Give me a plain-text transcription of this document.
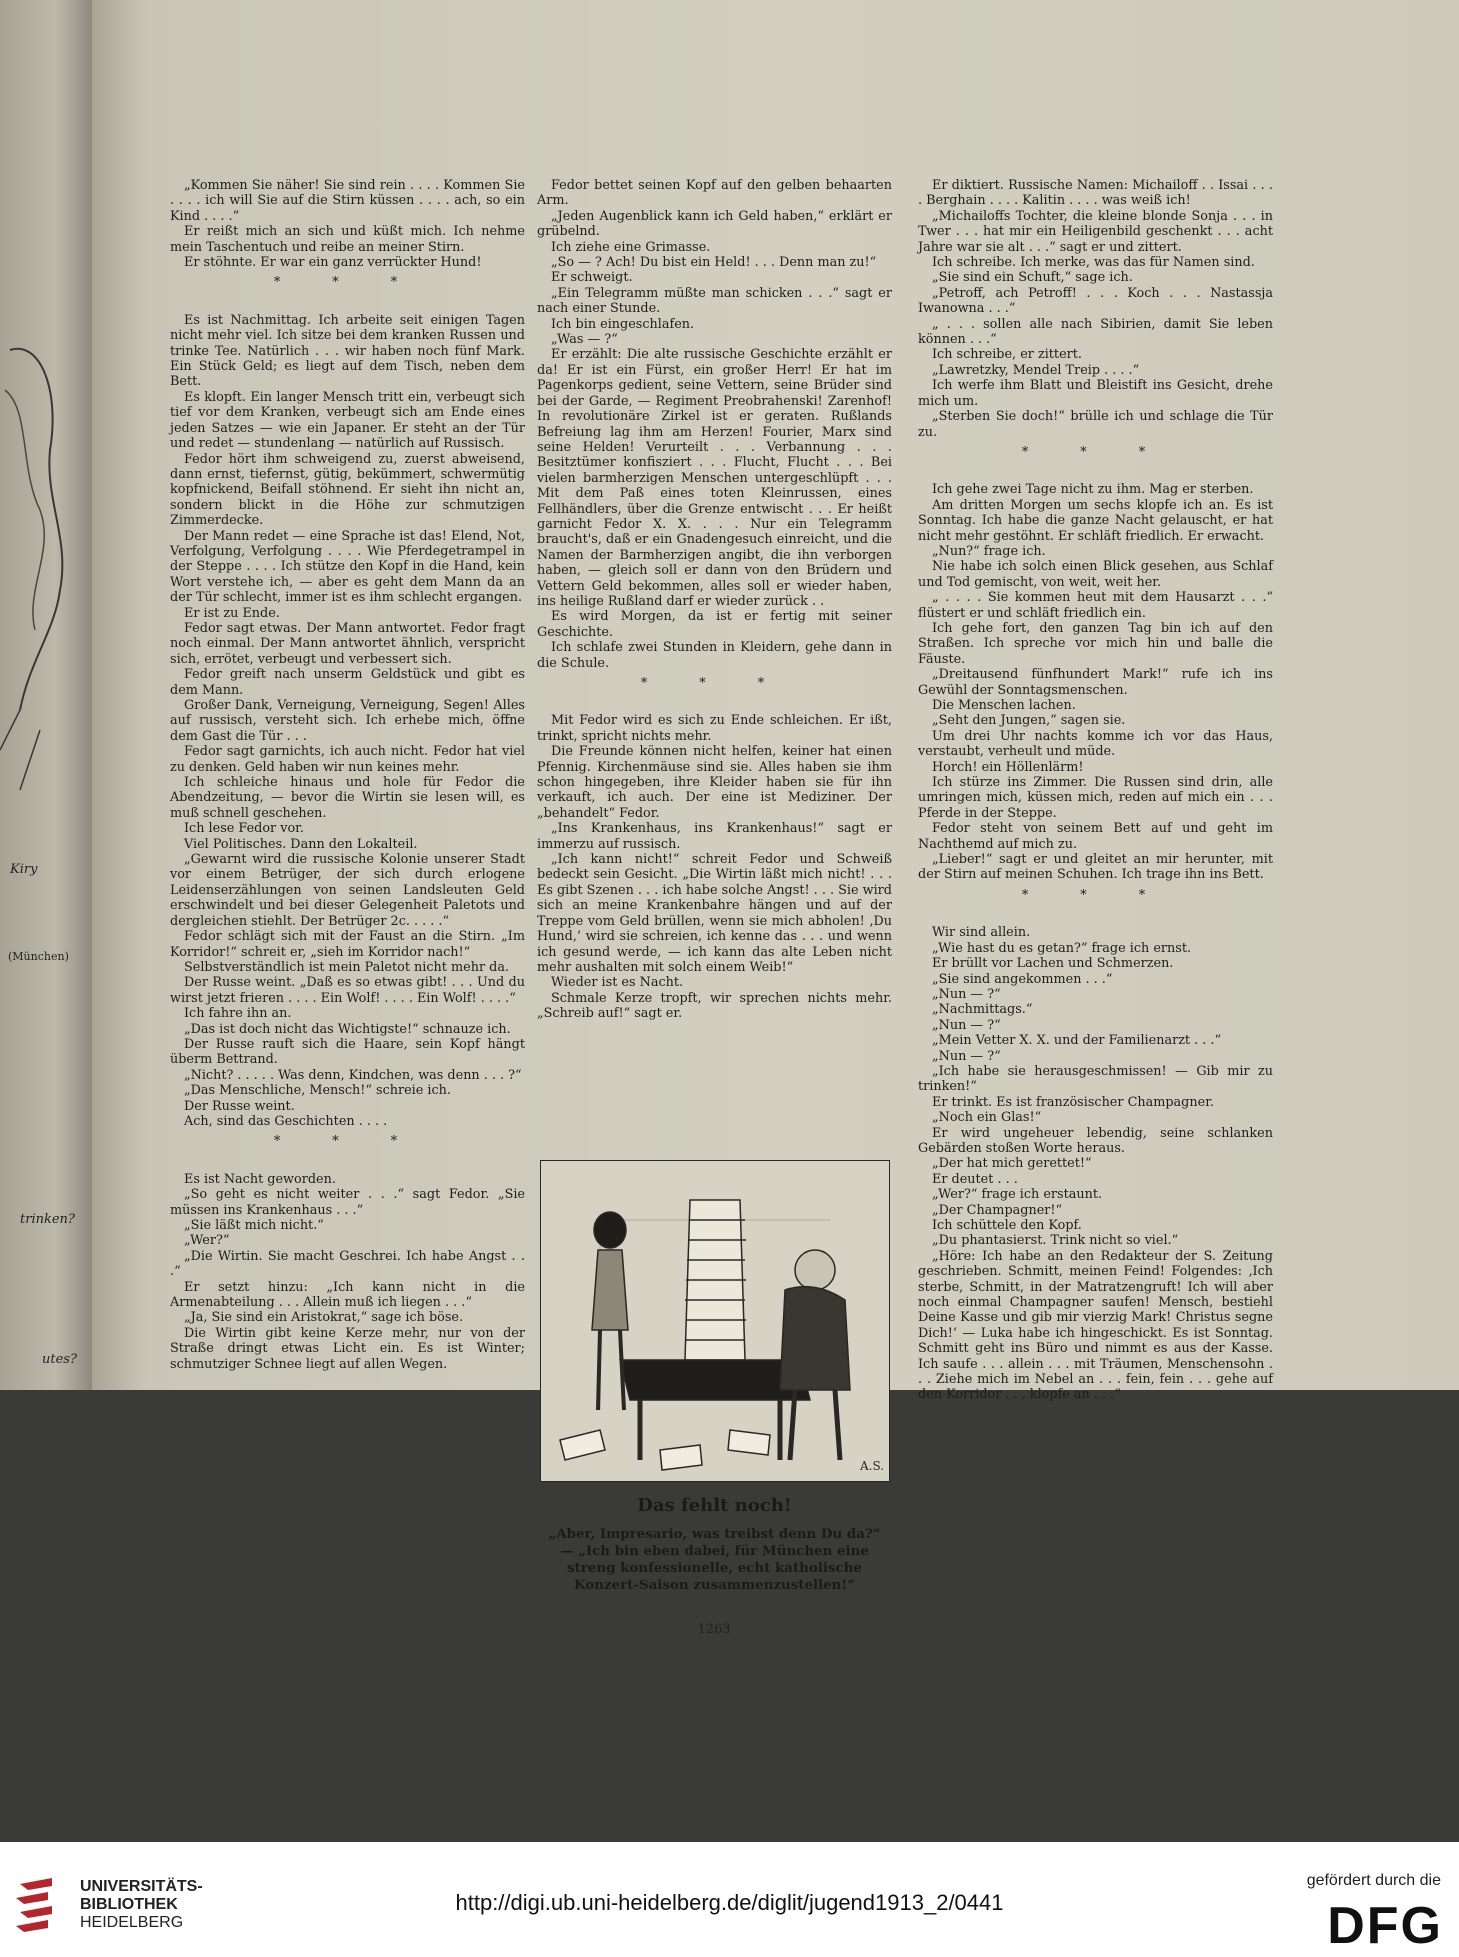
Kiry
(München)
trinken?
utes?

„Kommen Sie näher! Sie sind rein . . . . Kommen Sie . . . . ich will Sie auf die Stirn küssen . . . . ach, so ein Kind . . . .“

Er reißt mich an sich und küßt mich. Ich nehme mein Taschentuch und reibe an meiner Stirn.

Er stöhnte. Er war ein ganz verrückter Hund!

* * *

Es ist Nachmittag. Ich arbeite seit einigen Tagen nicht mehr viel. Ich sitze bei dem kranken Russen und trinke Tee. Natürlich . . . wir haben noch fünf Mark. Ein Stück Geld; es liegt auf dem Tisch, neben dem Bett.

Es klopft. Ein langer Mensch tritt ein, verbeugt sich tief vor dem Kranken, verbeugt sich am Ende eines jeden Satzes — wie ein Japaner. Er steht an der Tür und redet — stundenlang — natürlich auf Russisch.

Fedor hört ihm schweigend zu, zuerst abweisend, dann ernst, tiefernst, gütig, bekümmert, schwermütig kopfnickend, Beifall stöhnend. Er sieht ihn nicht an, sondern blickt in die Höhe zur schmutzigen Zimmerdecke.

Der Mann redet — eine Sprache ist das! Elend, Not, Verfolgung, Verfolgung . . . . Wie Pferdegetrampel in der Steppe . . . . Ich stütze den Kopf in die Hand, kein Wort verstehe ich, — aber es geht dem Mann da an der Tür schlecht, immer ist es ihm schlecht ergangen.

Er ist zu Ende.

Fedor sagt etwas. Der Mann antwortet. Fedor fragt noch einmal. Der Mann antwortet ähnlich, verspricht sich, errötet, verbeugt und verbessert sich.

Fedor greift nach unserm Geldstück und gibt es dem Mann.

Großer Dank, Verneigung, Verneigung, Segen! Alles auf russisch, versteht sich. Ich erhebe mich, öffne dem Gast die Tür . . .

Fedor sagt garnichts, ich auch nicht. Fedor hat viel zu denken. Geld haben wir nun keines mehr.

Ich schleiche hinaus und hole für Fedor die Abendzeitung, — bevor die Wirtin sie lesen will, es muß schnell geschehen.

Ich lese Fedor vor.

Viel Politisches. Dann den Lokalteil.

„Gewarnt wird die russische Kolonie unserer Stadt vor einem Betrüger, der sich durch erlogene Leidenserzählungen von seinen Landsleuten Geld erschwindelt und bei dieser Gelegenheit Paletots und dergleichen stiehlt. Der Betrüger 2c. . . . .“

Fedor schlägt sich mit der Faust an die Stirn. „Im Korridor!“ schreit er, „sieh im Korridor nach!“

Selbstverständlich ist mein Paletot nicht mehr da.

Der Russe weint. „Daß es so etwas gibt! . . . Und du wirst jetzt frieren . . . . Ein Wolf! . . . . Ein Wolf! . . . .“

Ich fahre ihn an.

„Das ist doch nicht das Wichtigste!“ schnauze ich.

Der Russe rauft sich die Haare, sein Kopf hängt überm Bettrand.

„Nicht? . . . . . Was denn, Kindchen, was denn . . . ?“

„Das Menschliche, Mensch!“ schreie ich.

Der Russe weint.

Ach, sind das Geschichten . . . .

* * *

Es ist Nacht geworden.

„So geht es nicht weiter . . .“ sagt Fedor. „Sie müssen ins Krankenhaus . . .“

„Sie läßt mich nicht.“

„Wer?“

„Die Wirtin. Sie macht Geschrei. Ich habe Angst . . .“

Er setzt hinzu: „Ich kann nicht in die Armenabteilung . . . Allein muß ich liegen . . .“

„Ja, Sie sind ein Aristokrat,“ sage ich böse.

Die Wirtin gibt keine Kerze mehr, nur von der Straße dringt etwas Licht ein. Es ist Winter; schmutziger Schnee liegt auf allen Wegen.

Fedor bettet seinen Kopf auf den gelben behaarten Arm.

„Jeden Augenblick kann ich Geld haben,“ erklärt er grübelnd.

Ich ziehe eine Grimasse.

„So — ? Ach! Du bist ein Held! . . . Denn man zu!“

Er schweigt.

„Ein Telegramm müßte man schicken . . .“ sagt er nach einer Stunde.

Ich bin eingeschlafen.

„Was — ?“

Er erzählt: Die alte russische Geschichte erzählt er da! Er ist ein Fürst, ein großer Herr! Er hat im Pagenkorps gedient, seine Vettern, seine Brüder sind bei der Garde, — Regiment Preobrahenski! Zarenhof! In revolutionäre Zirkel ist er geraten. Rußlands Befreiung lag ihm am Herzen! Fourier, Marx sind seine Helden! Verurteilt . . . Verbannung . . . Besitztümer konfisziert . . . Flucht, Flucht . . . Bei vielen barmherzigen Menschen untergeschlüpft . . . Mit dem Paß eines toten Kleinrussen, eines Fellhändlers, über die Grenze entwischt . . . Er heißt garnicht Fedor X. X. . . . Nur ein Telegramm braucht's, daß er ein Gnadengesuch einreicht, und die Namen der Barmherzigen angibt, die ihn verborgen haben, — gleich soll er dann von den Brüdern und Vettern Geld bekommen, alles soll er wieder haben, ins heilige Rußland darf er wieder zurück . .

Es wird Morgen, da ist er fertig mit seiner Geschichte.

Ich schlafe zwei Stunden in Kleidern, gehe dann in die Schule.

* * *

Mit Fedor wird es sich zu Ende schleichen. Er ißt, trinkt, spricht nichts mehr.

Die Freunde können nicht helfen, keiner hat einen Pfennig. Kirchenmäuse sind sie. Alles haben sie ihm schon hingegeben, ihre Kleider haben sie für ihn verkauft, ich auch. Der eine ist Mediziner. Der „behandelt“ Fedor.

„Ins Krankenhaus, ins Krankenhaus!“ sagt er immerzu auf russisch.

„Ich kann nicht!“ schreit Fedor und Schweiß bedeckt sein Gesicht. „Die Wirtin läßt mich nicht! . . . Es gibt Szenen . . . ich habe solche Angst! . . . Sie wird sich an meine Krankenbahre hängen und auf der Treppe vom Geld brüllen, wenn sie mich abholen! ‚Du Hund,‘ wird sie schreien, ich kenne das . . . und wenn ich gesund werde, — ich kann das alte Leben nicht mehr aushalten mit solch einem Weib!“

Wieder ist es Nacht.

Schmale Kerze tropft, wir sprechen nichts mehr. „Schreib auf!“ sagt er.

Er diktiert. Russische Namen: Michailoff . . Issai . . . . Berghain . . . . Kalitin . . . . was weiß ich!

„Michailoffs Tochter, die kleine blonde Sonja . . . in Twer . . . hat mir ein Heiligenbild geschenkt . . . acht Jahre war sie alt . . .“ sagt er und zittert.

Ich schreibe. Ich merke, was das für Namen sind.

„Sie sind ein Schuft,“ sage ich.

„Petroff, ach Petroff! . . . Koch . . . Nastassja Iwanowna . . .“

„ . . . sollen alle nach Sibirien, damit Sie leben können . . .“

Ich schreibe, er zittert.

„Lawretzky, Mendel Treip . . . .“

Ich werfe ihm Blatt und Bleistift ins Gesicht, drehe mich um.

„Sterben Sie doch!“ brülle ich und schlage die Tür zu.

* * *

Ich gehe zwei Tage nicht zu ihm. Mag er sterben.

Am dritten Morgen um sechs klopfe ich an. Es ist Sonntag. Ich habe die ganze Nacht gelauscht, er hat nicht mehr gestöhnt. Er schläft friedlich. Er erwacht.

„Nun?“ frage ich.

Nie habe ich solch einen Blick gesehen, aus Schlaf und Tod gemischt, von weit, weit her.

„ . . . . Sie kommen heut mit dem Hausarzt . . .“ flüstert er und schläft friedlich ein.

Ich gehe fort, den ganzen Tag bin ich auf den Straßen. Ich spreche vor mich hin und balle die Fäuste.

„Dreitausend fünfhundert Mark!“ rufe ich ins Gewühl der Sonntagsmenschen.

Die Menschen lachen.

„Seht den Jungen,“ sagen sie.

Um drei Uhr nachts komme ich vor das Haus, verstaubt, verheult und müde.

Horch! ein Höllenlärm!

Ich stürze ins Zimmer. Die Russen sind drin, alle umringen mich, küssen mich, reden auf mich ein . . . Pferde in der Steppe.

Fedor steht von seinem Bett auf und geht im Nachthemd auf mich zu.

„Lieber!“ sagt er und gleitet an mir herunter, mit der Stirn auf meinen Schuhen. Ich trage ihn ins Bett.

* * *

Wir sind allein.

„Wie hast du es getan?“ frage ich ernst.

Er brüllt vor Lachen und Schmerzen.

„Sie sind angekommen . . .“

„Nun — ?“

„Nachmittags.“

„Nun — ?“

„Mein Vetter X. X. und der Familienarzt . . .“

„Nun — ?“

„Ich habe sie herausgeschmissen! — Gib mir zu trinken!“

Er trinkt. Es ist französischer Champagner.

„Noch ein Glas!“

Er wird ungeheuer lebendig, seine schlanken Gebärden stoßen Worte heraus.

„Der hat mich gerettet!“

Er deutet . . .

„Wer?“ frage ich erstaunt.

„Der Champagner!“

Ich schüttele den Kopf.

„Du phantasierst. Trink nicht so viel.“

„Höre: Ich habe an den Redakteur der S. Zeitung geschrieben. Schmitt, meinen Feind! Folgendes: ‚Ich sterbe, Schmitt, in der Matratzengruft! Ich will aber noch einmal Champagner saufen! Mensch, bestiehl Deine Kasse und gib mir vierzig Mark! Christus segne Dich!‘ — Luka habe ich hingeschickt. Es ist Sonntag. Schmitt geht ins Büro und nimmt es aus der Kasse. Ich saufe . . . allein . . . mit Träumen, Menschensohn . . . Ziehe mich im Nebel an . . . fein, fein . . . gehe auf den Korridor . . . klopfe an . . .“

A.S.
Das fehlt noch!
„Aber, Impresario, was treibst denn Du da?“
— „Ich bin eben dabei, für München eine streng konfessionelle, echt katholische Konzert-Saison zusammenzustellen!“
1263
UNIVERSITÄTS-
BIBLIOTHEK
HEIDELBERG
http://digi.ub.uni-heidelberg.de/diglit/jugend1913_2/0441
gefördert durch die
DFG
